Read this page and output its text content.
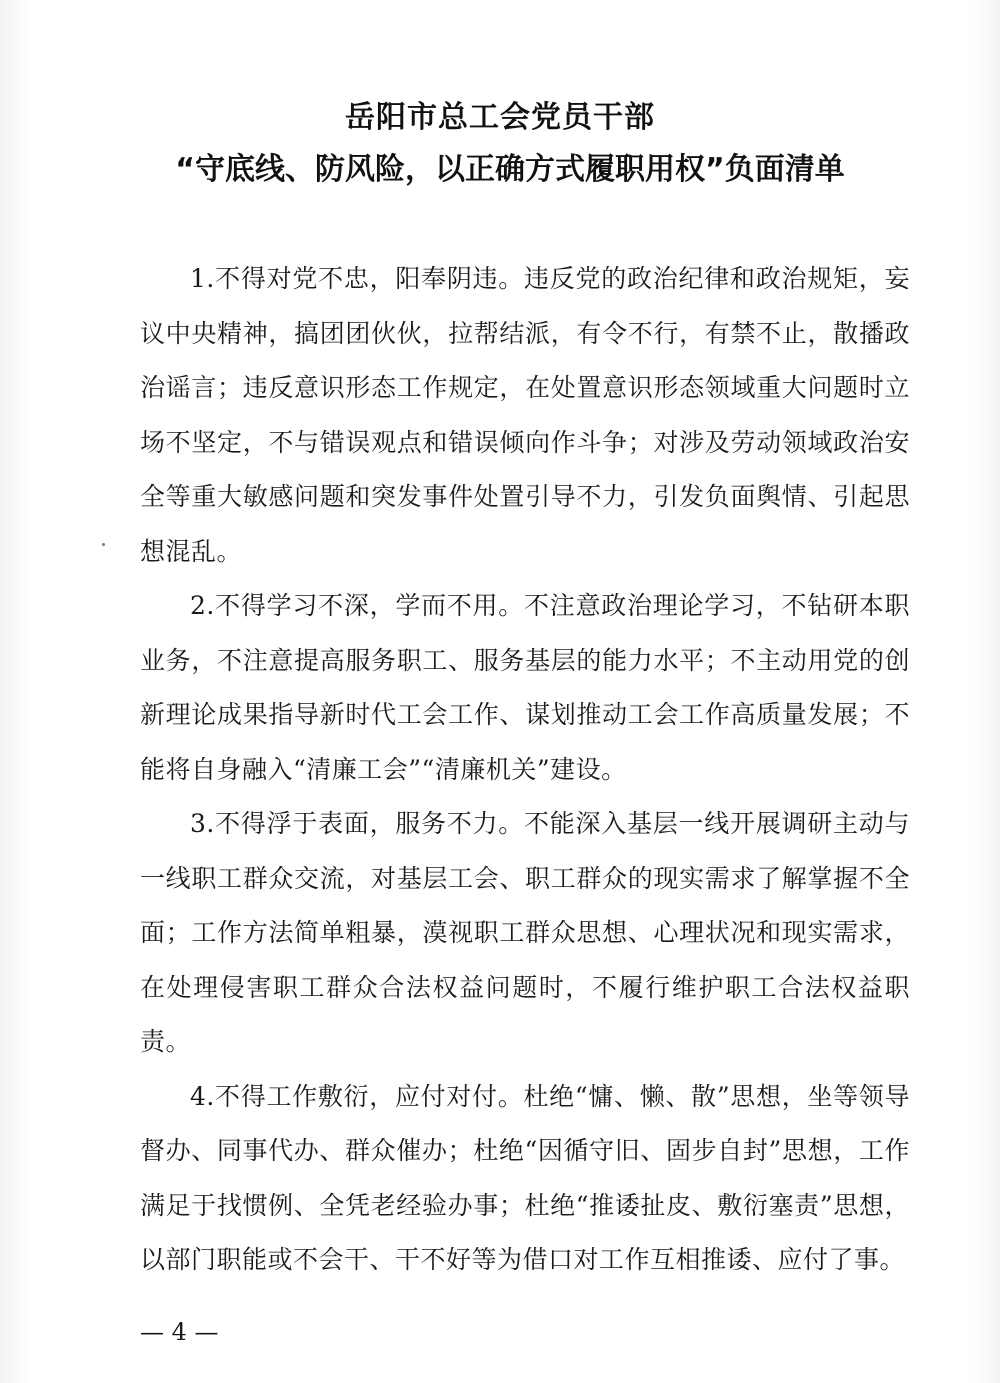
岳阳市总工会党员干部
“守底线、防风险，以正确方式履职用权”负面清单

1.不得对党不忠，阳奉阴违。违反党的政治纪律和政治规矩，妄议中央精神，搞团团伙伙，拉帮结派，有令不行，有禁不止，散播政治谣言；违反意识形态工作规定，在处置意识形态领域重大问题时立场不坚定，不与错误观点和错误倾向作斗争；对涉及劳动领域政治安全等重大敏感问题和突发事件处置引导不力，引发负面舆情、引起思想混乱。

2.不得学习不深，学而不用。不注意政治理论学习，不钻研本职业务，不注意提高服务职工、服务基层的能力水平；不主动用党的创新理论成果指导新时代工会工作、谋划推动工会工作高质量发展；不能将自身融入“清廉工会”“清廉机关”建设。

3.不得浮于表面，服务不力。不能深入基层一线开展调研主动与一线职工群众交流，对基层工会、职工群众的现实需求了解掌握不全面；工作方法简单粗暴，漠视职工群众思想、心理状况和现实需求，在处理侵害职工群众合法权益问题时，不履行维护职工合法权益职责。

4.不得工作敷衍，应付对付。杜绝“慵、懒、散”思想，坐等领导督办、同事代办、群众催办；杜绝“因循守旧、固步自封”思想，工作满足于找惯例、全凭老经验办事；杜绝“推诿扯皮、敷衍塞责”思想，以部门职能或不会干、干不好等为借口对工作互相推诿、应付了事。

— 4 —
